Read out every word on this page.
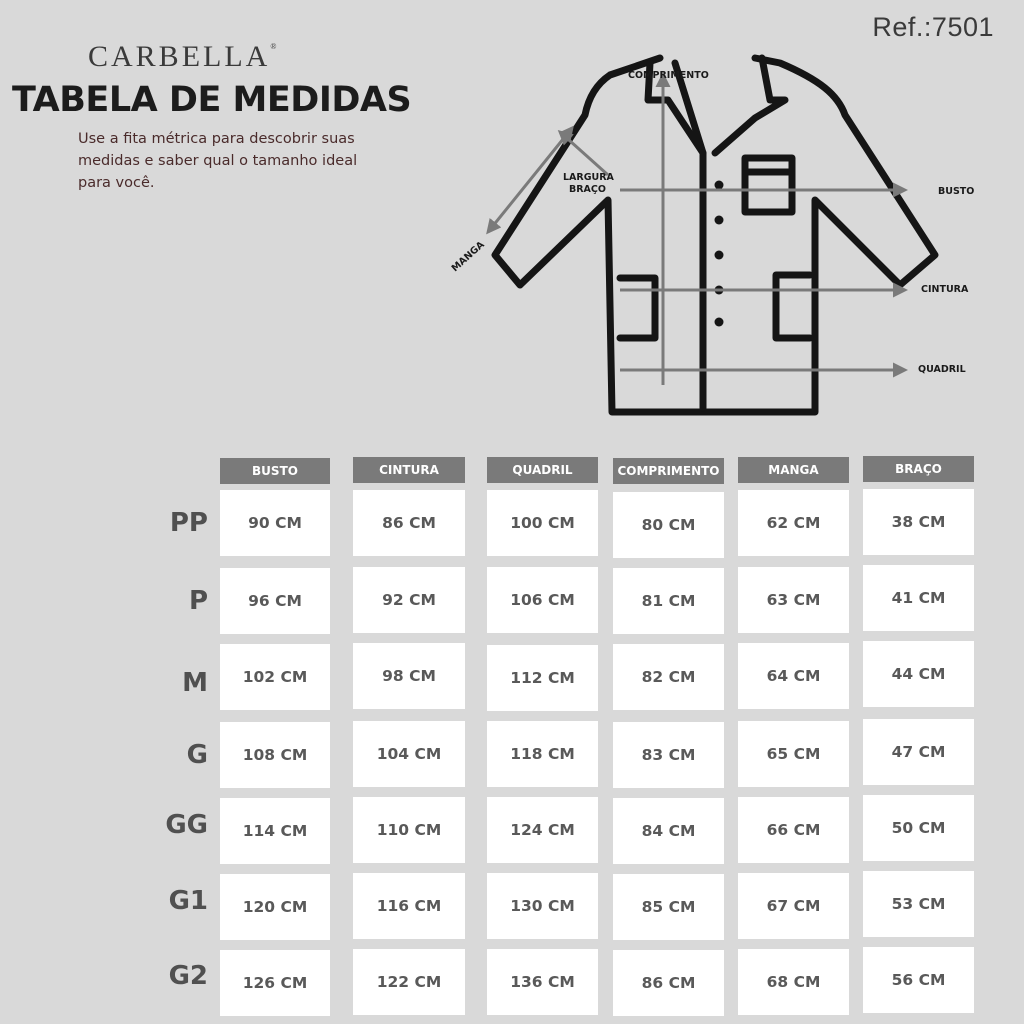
Ref.:7501
CARBELLA®
TABELA DE MEDIDAS
Use a fita métrica para descobrir suas medidas e saber qual o tamanho ideal para você.
COMPRIMENTO
LARGURA
BRAÇO
MANGA
BUSTO
CINTURA
QUADRIL
BUSTO	CINTURA	QUADRIL	COMPRIMENTO	MANGA	BRAÇO
PP	90 CM	86 CM	100 CM	80 CM	62 CM	38 CM
P	96 CM	92 CM	106 CM	81 CM	63 CM	41 CM
M	102 CM	98 CM	112 CM	82 CM	64 CM	44 CM
G	108 CM	104 CM	118 CM	83 CM	65 CM	47 CM
GG	114 CM	110 CM	124 CM	84 CM	66 CM	50 CM
G1	120 CM	116 CM	130 CM	85 CM	67 CM	53 CM
G2	126 CM	122 CM	136 CM	86 CM	68 CM	56 CM
